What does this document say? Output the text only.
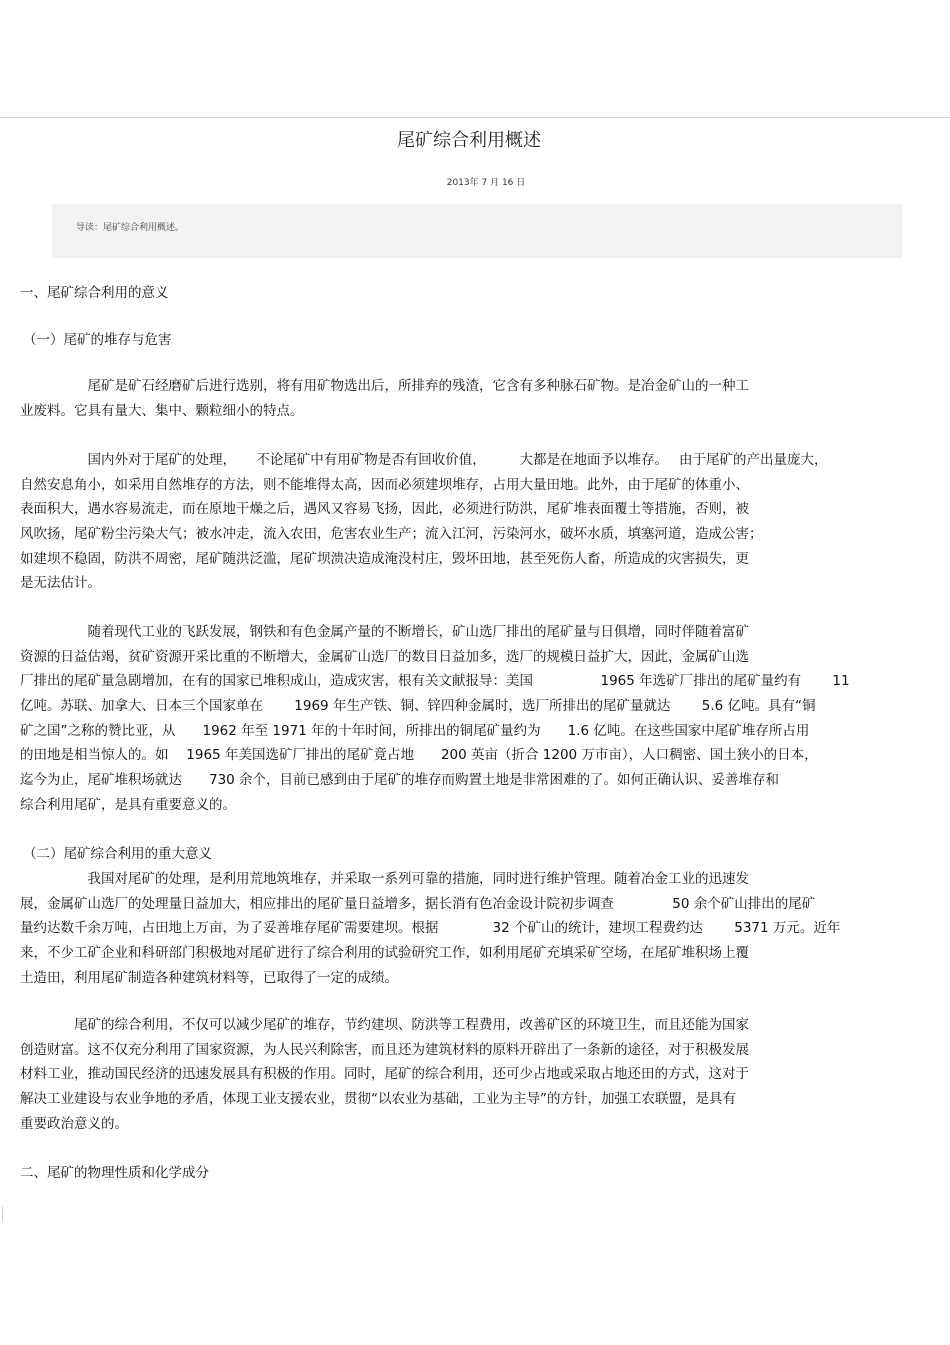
尾矿综合利用概述
2013年 7 月 16 日
导读：尾矿综合利用概述。
一、尾矿综合利用的意义
（一）尾矿的堆存与危害
　　　　　尾矿是矿石经磨矿后进行选别，将有用矿物选出后，所排弃的残渣，它含有多种脉石矿物。是冶金矿山的一种工
业废料。它具有量大、集中、颗粒细小的特点。
　　　　　国内外对于尾矿的处理，　　不论尾矿中有用矿物是否有回收价值，　　　大都是在地面予以堆存。　 由于尾矿的产出量庞大，
自然安息角小，如采用自然堆存的方法，则不能堆得太高，因而必须建坝堆存，占用大量田地。此外，由于尾矿的体重小、
表面积大，遇水容易流走，而在原地干燥之后，遇风又容易飞扬，因此，必须进行防洪，尾矿堆表面覆土等措施，否则，被
风吹扬，尾矿粉尘污染大气；被水冲走，流入农田，危害农业生产；流入江河，污染河水，破坏水质，填塞河道，造成公害；
如建坝不稳固，防洪不周密，尾矿随洪泛滥，尾矿坝溃决造成淹没村庄，毁坏田地，甚至死伤人畜，所造成的灾害损失，更
是无法估计。
　　　　　随着现代工业的飞跃发展，钢铁和有色金属产量的不断增长，矿山选厂排出的尾矿量与日俱增，同时伴随着富矿
资源的日益估竭，贫矿资源开采比重的不断增大，金属矿山选厂的数目日益加多，选厂的规模日益扩大，因此，金属矿山选
厂排出的尾矿量急剧增加，在有的国家已堆积成山，造成灾害，根有关文献报导：美国　　　　　1965 年选矿厂排出的尾矿量约有　　 11
亿吨。苏联、加拿大、日本三个国家单在　　 1969 年生产铁、铜、锌四种金属时，选厂所排出的尾矿量就达　　 5.6 亿吨。具有“铜
矿之国”之称的赞比亚，从　　1962 年至 1971 年的十年时间，所排出的铜尾矿量约为　　1.6 亿吨。在这些国家中尾矿堆存所占用
的田地是相当惊人的。如　 1965 年美国选矿厂排出的尾矿竟占地　　200 英亩（折合 1200 万市亩），人口稠密、国土狭小的日本，
迄今为止，尾矿堆积场就达　　730 余个，目前已感到由于尾矿的堆存而购置土地是非常困难的了。如何正确认识、妥善堆存和
综合利用尾矿，是具有重要意义的。
（二）尾矿综合利用的重大意义
　　　　　我国对尾矿的处理，是利用荒地筑堆存，并采取一系列可靠的措施，同时进行维护管理。随着冶金工业的迅速发
展，金属矿山选厂的处理量日益加大，相应排出的尾矿量日益增多，据长消有色冶金设计院初步调查　　　　 50 余个矿山排出的尾矿
量约达数千余万吨，占田地上万亩，为了妥善堆存尾矿需要建坝。根据　　　　32 个矿山的统计，建坝工程费约达　　 5371 万元。近年
来，不少工矿企业和科研部门积极地对尾矿进行了综合利用的试验研究工作，如利用尾矿充填采矿空场，在尾矿堆积场上覆
土造田，利用尾矿制造各种建筑材料等，已取得了一定的成绩。
　　　　尾矿的综合利用，不仅可以减少尾矿的堆存，节约建坝、防洪等工程费用，改善矿区的环境卫生，而且还能为国家
创造财富。这不仅充分利用了国家资源，为人民兴利除害，而且还为建筑材料的原料开辟出了一条新的途径，对于积极发展
材料工业，推动国民经济的迅速发展具有积极的作用。同时，尾矿的综合利用，还可少占地或采取占地还田的方式，这对于
解决工业建设与农业争地的矛盾，体现工业支援农业，贯彻“以农业为基础，工业为主导”的方针，加强工农联盟，是具有
重要政治意义的。
二、尾矿的物理性质和化学成分
